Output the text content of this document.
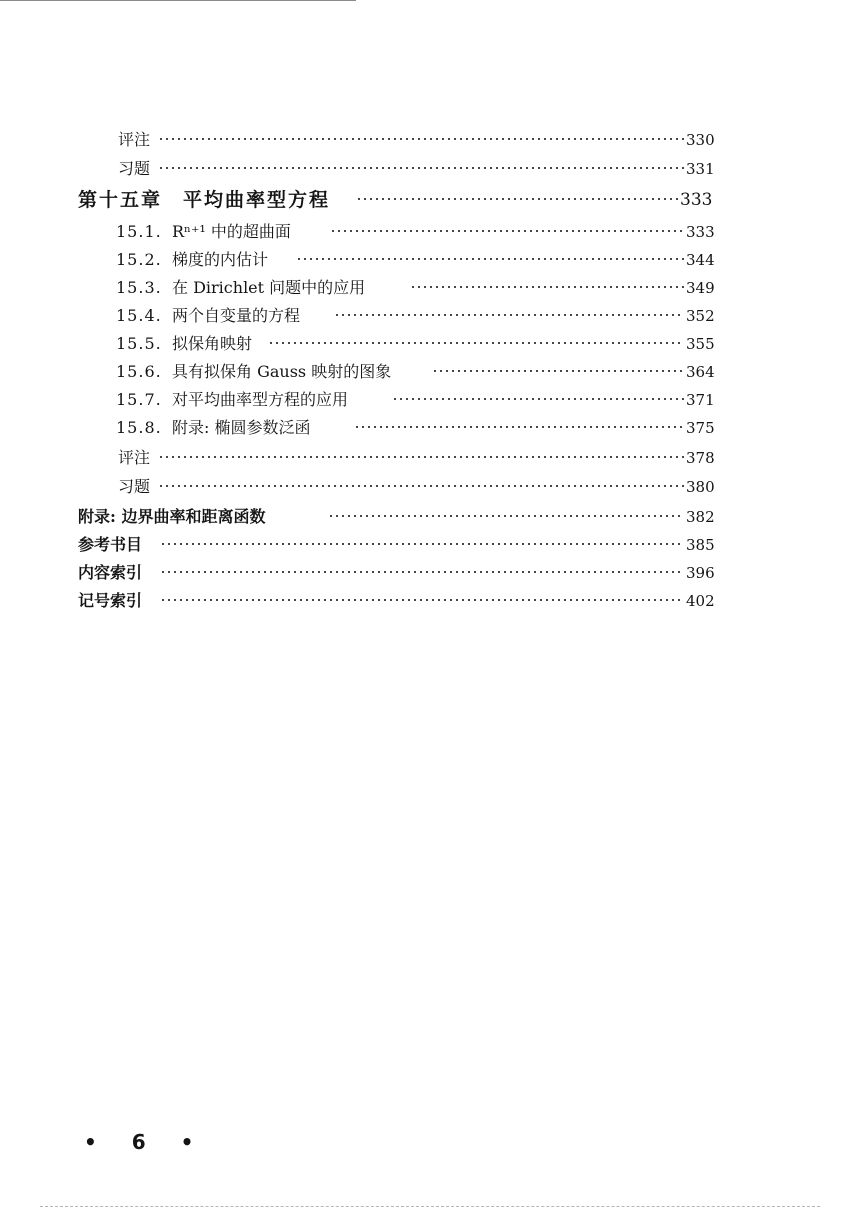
评注	330
习题	331
第十五章　平均曲率型方程	333
15.1. Rⁿ⁺¹ 中的超曲面	333
15.2. 梯度的内估计	344
15.3. 在 Dirichlet 问题中的应用	349
15.4. 两个自变量的方程	352
15.5. 拟保角映射	355
15.6. 具有拟保角 Gauss 映射的图象	364
15.7. 对平均曲率型方程的应用	371
15.8. 附录: 椭圆参数泛函	375
评注	378
习题	380
附录: 边界曲率和距离函数	382
参考书目	385
内容索引	396
记号索引	402
• 6 •
